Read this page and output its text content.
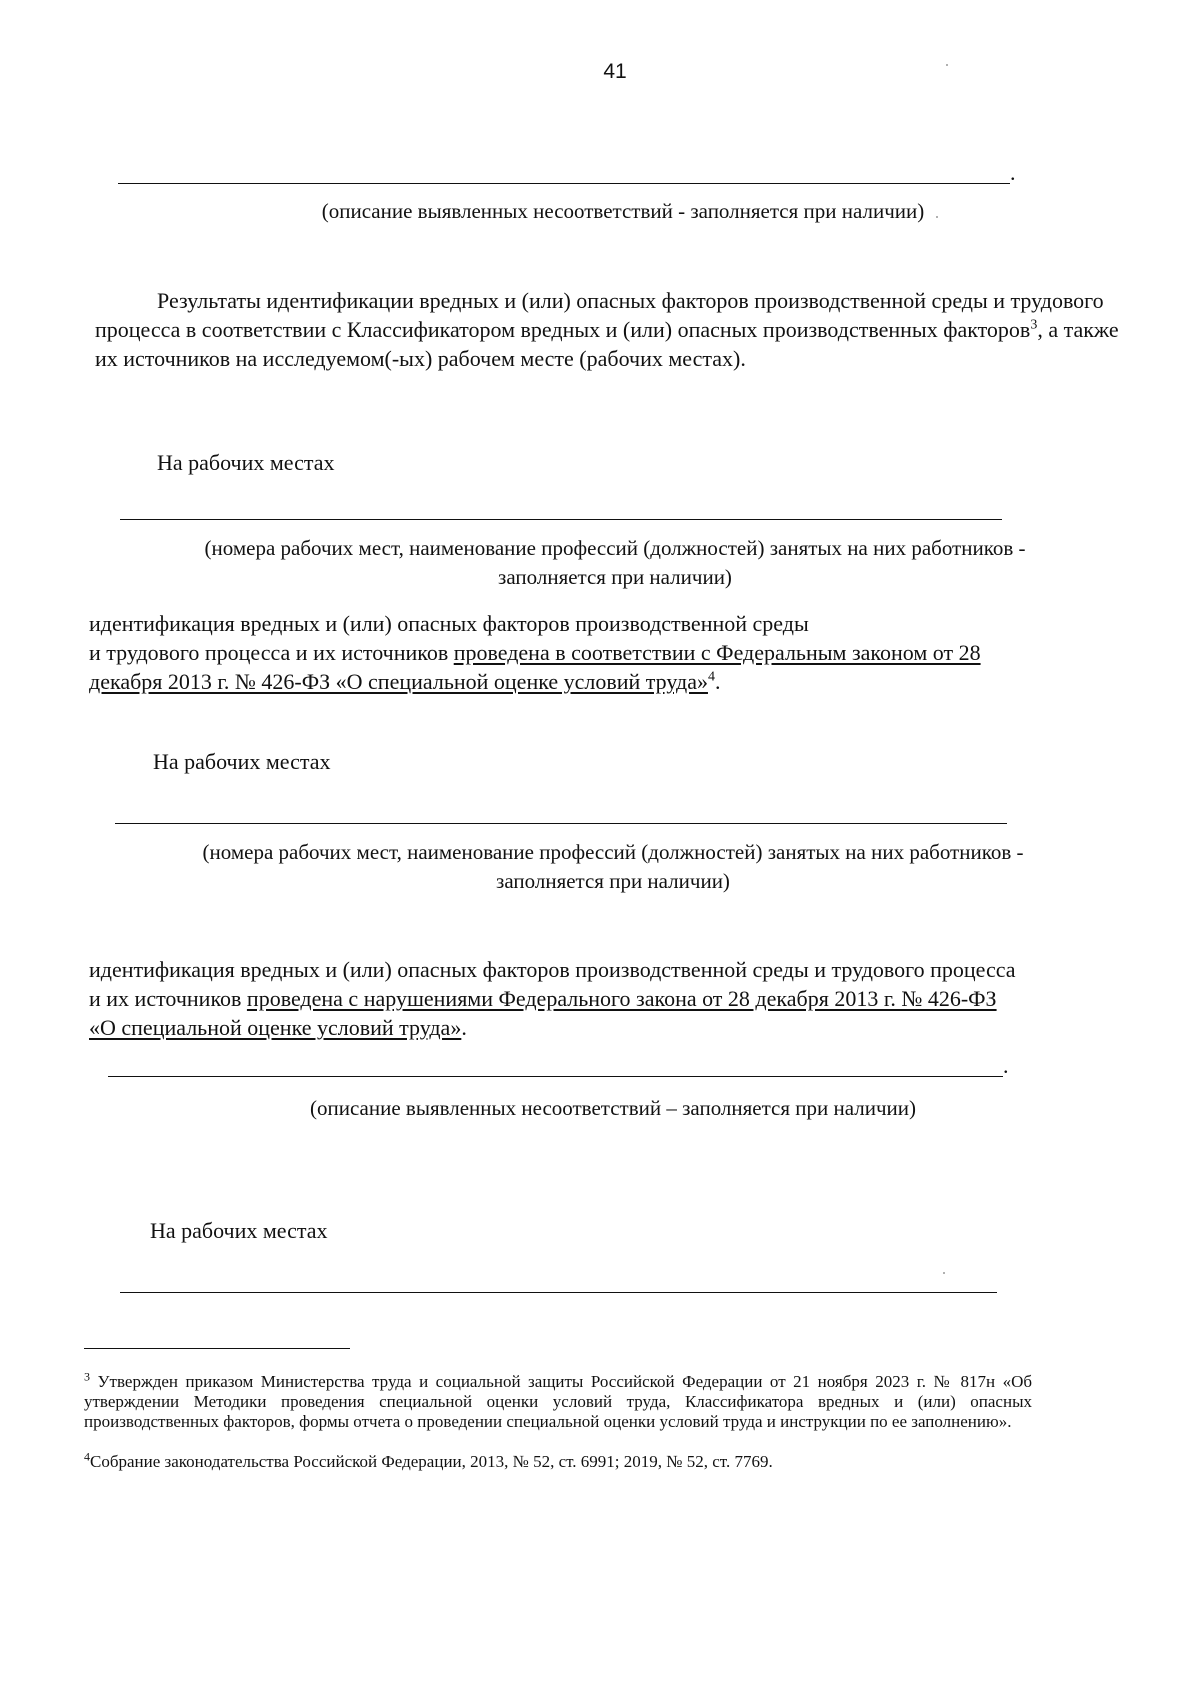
41
.
(описание выявленных несоответствий - заполняется при наличии)
Результаты идентификации вредных и (или) опасных факторов производственной среды и трудового процесса в соответствии с Классификатором вредных и (или) опасных производственных факторов$^3$, а также их источников на исследуемом(-ых) рабочем месте (рабочих местах).
На рабочих местах
(номера рабочих мест, наименование профессий (должностей) занятых на них работников -
заполняется при наличии)
идентификация вредных и (или) опасных факторов производственной среды
и трудового процесса и их источников проведена в соответствии с Федеральным законом от 28
декабря 2013 г. № 426-ФЗ «О специальной оценке условий труда»$^4$.
На рабочих местах
(номера рабочих мест, наименование профессий (должностей) занятых на них работников -
заполняется при наличии)
идентификация вредных и (или) опасных факторов производственной среды и трудового процесса
и их источников проведена с нарушениями Федерального закона от 28 декабря 2013 г. № 426-ФЗ
«О специальной оценке условий труда».
.
(описание выявленных несоответствий – заполняется при наличии)
На рабочих местах
$^3$ Утвержден приказом Министерства труда и социальной защиты Российской Федерации от 21 ноября 2023 г. № 817н «Об утверждении Методики проведения специальной оценки условий труда, Классификатора вредных и (или) опасных производственных факторов, формы отчета о проведении специальной оценки условий труда и инструкции по ее заполнению».
$^4$Собрание законодательства Российской Федерации, 2013, № 52, ст. 6991; 2019, № 52, ст. 7769.
